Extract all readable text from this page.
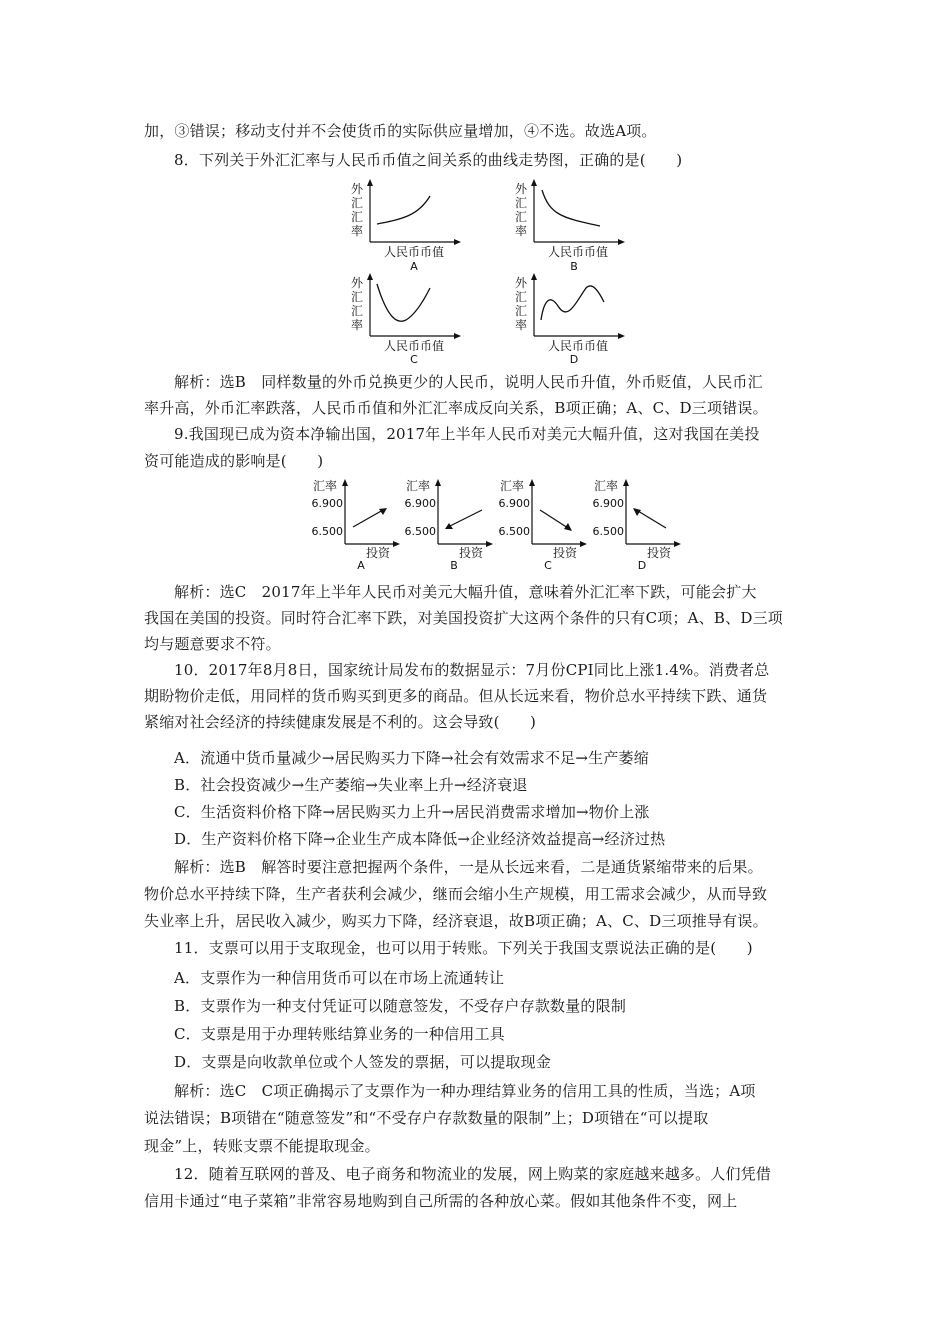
加，③错误；移动支付并不会使货币的实际供应量增加，④不选。故选A项。
8．下列关于外汇汇率与人民币币值之间关系的曲线走势图，正确的是(　　)
外
汇
汇
率
人民币币值
A
外
汇
汇
率
人民币币值
B
外
汇
汇
率
人民币币值
C
外
汇
汇
率
人民币币值
D
解析：选B　同样数量的外币兑换更少的人民币，说明人民币升值，外币贬值，人民币汇
率升高，外币汇率跌落，人民币币值和外汇汇率成反向关系，B项正确；A、C、D三项错误。
9.我国现已成为资本净输出国，2017年上半年人民币对美元大幅升值，这对我国在美投
资可能造成的影响是(　　)
汇率
6.900
6.500
投资
A
汇率
6.900
6.500
投资
B
汇率
6.900
6.500
投资
C
汇率
6.900
6.500
投资
D
解析：选C　2017年上半年人民币对美元大幅升值，意味着外汇汇率下跌，可能会扩大
我国在美国的投资。同时符合汇率下跌，对美国投资扩大这两个条件的只有C项；A、B、D三项
均与题意要求不符。
10．2017年8月8日，国家统计局发布的数据显示：7月份CPI同比上涨1.4%。消费者总
期盼物价走低，用同样的货币购买到更多的商品。但从长远来看，物价总水平持续下跌、通货
紧缩对社会经济的持续健康发展是不利的。这会导致(　　)
A．流通中货币量减少→居民购买力下降→社会有效需求不足→生产萎缩
B．社会投资减少→生产萎缩→失业率上升→经济衰退
C．生活资料价格下降→居民购买力上升→居民消费需求增加→物价上涨
D．生产资料价格下降→企业生产成本降低→企业经济效益提高→经济过热
解析：选B　解答时要注意把握两个条件，一是从长远来看，二是通货紧缩带来的后果。
物价总水平持续下降，生产者获利会减少，继而会缩小生产规模，用工需求会减少，从而导致
失业率上升，居民收入减少，购买力下降，经济衰退，故B项正确；A、C、D三项推导有误。
11．支票可以用于支取现金，也可以用于转账。下列关于我国支票说法正确的是(　　)
A．支票作为一种信用货币可以在市场上流通转让
B．支票作为一种支付凭证可以随意签发，不受存户存款数量的限制
C．支票是用于办理转账结算业务的一种信用工具
D．支票是向收款单位或个人签发的票据，可以提取现金
解析：选C　C项正确揭示了支票作为一种办理结算业务的信用工具的性质，当选；A项
说法错误；B项错在“随意签发”和“不受存户存款数量的限制”上；D项错在“可以提取
现金”上，转账支票不能提取现金。
12．随着互联网的普及、电子商务和物流业的发展，网上购菜的家庭越来越多。人们凭借
信用卡通过“电子菜箱”非常容易地购到自己所需的各种放心菜。假如其他条件不变，网上
